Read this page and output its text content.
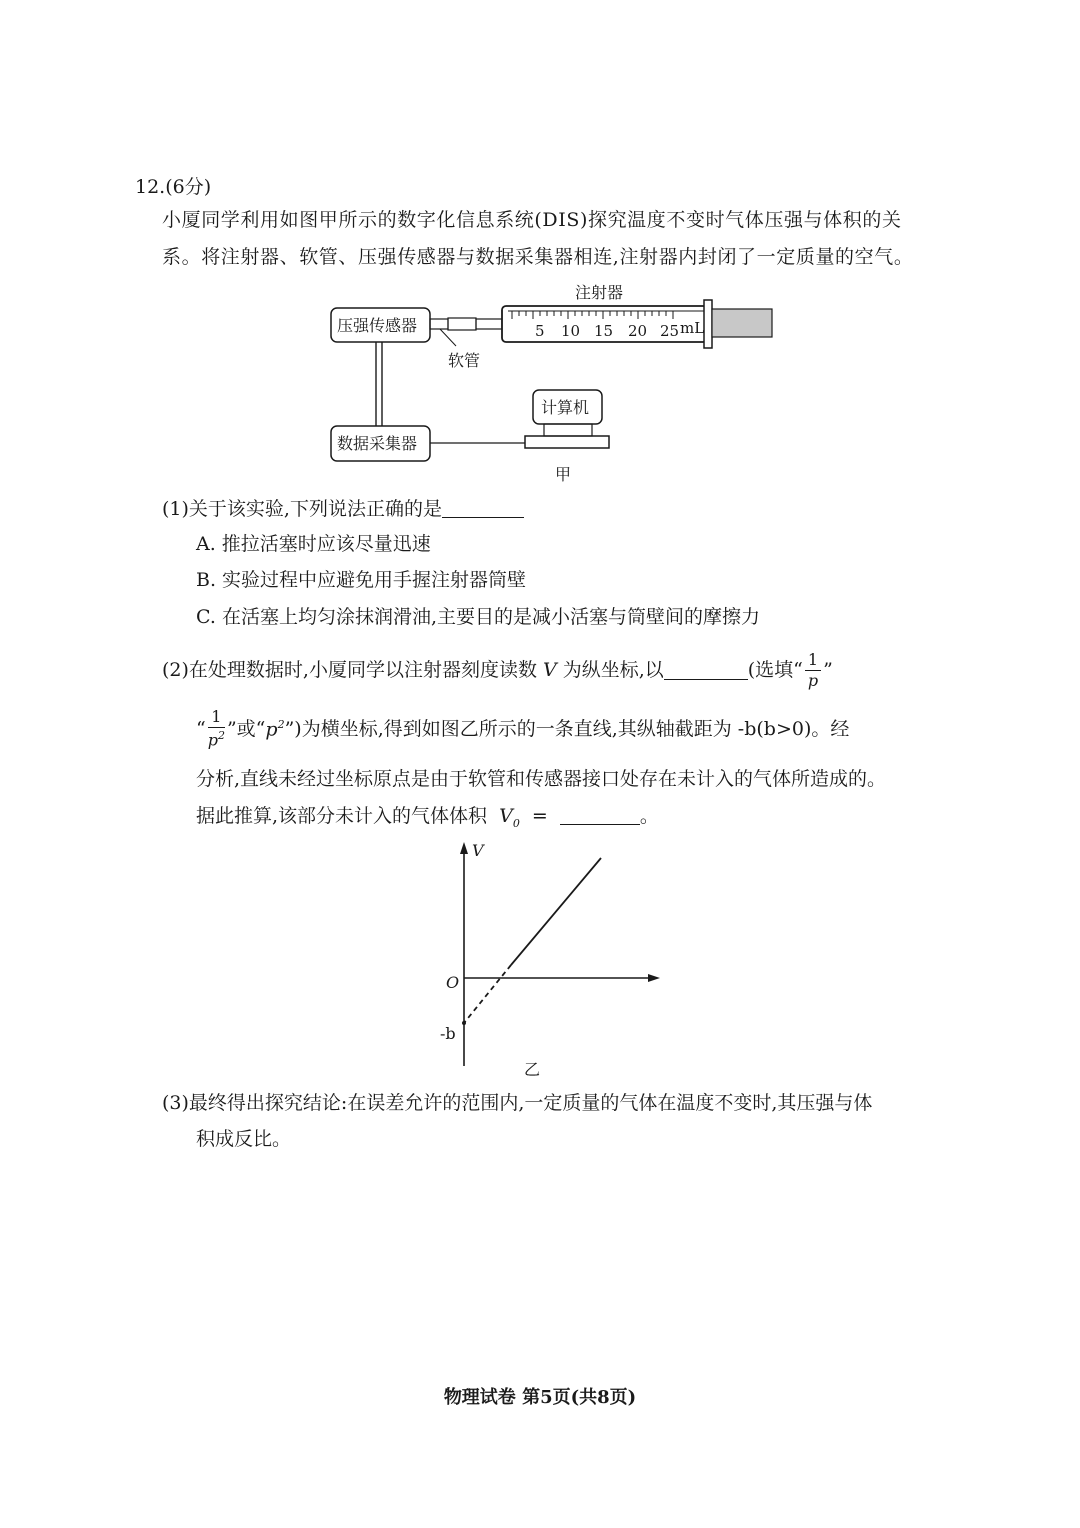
12.(6分)
小厦同学利用如图甲所示的数字化信息系统(DIS)探究温度不变时气体压强与体积的关
系。将注射器、软管、压强传感器与数据采集器相连,注射器内封闭了一定质量的空气。
注射器
压强传感器
软管
5 10 15 20 25 mL
数据采集器
计算机
甲
(1)关于该实验,下列说法正确的是
A. 推拉活塞时应该尽量迅速
B. 实验过程中应避免用手握注射器筒壁
C. 在活塞上均匀涂抹润滑油,主要目的是减小活塞与筒壁间的摩擦力
(2)在处理数据时,小厦同学以注射器刻度读数 V 为纵坐标,以	(选填“ $\frac{1}{p}$ ”
“ $\frac{1}{p^2}$ ”或“ $p^2$ ”)为横坐标,得到如图乙所示的一条直线,其纵轴截距为 -b(b>0)。经
分析,直线未经过坐标原点是由于软管和传感器接口处存在未计入的气体所造成的。
据此推算,该部分未计入的气体体积 $V_0$ =	。
V
O
-b
乙
(3)最终得出探究结论:在误差允许的范围内,一定质量的气体在温度不变时,其压强与体
积成反比。
物理试卷 第5页(共8页)
